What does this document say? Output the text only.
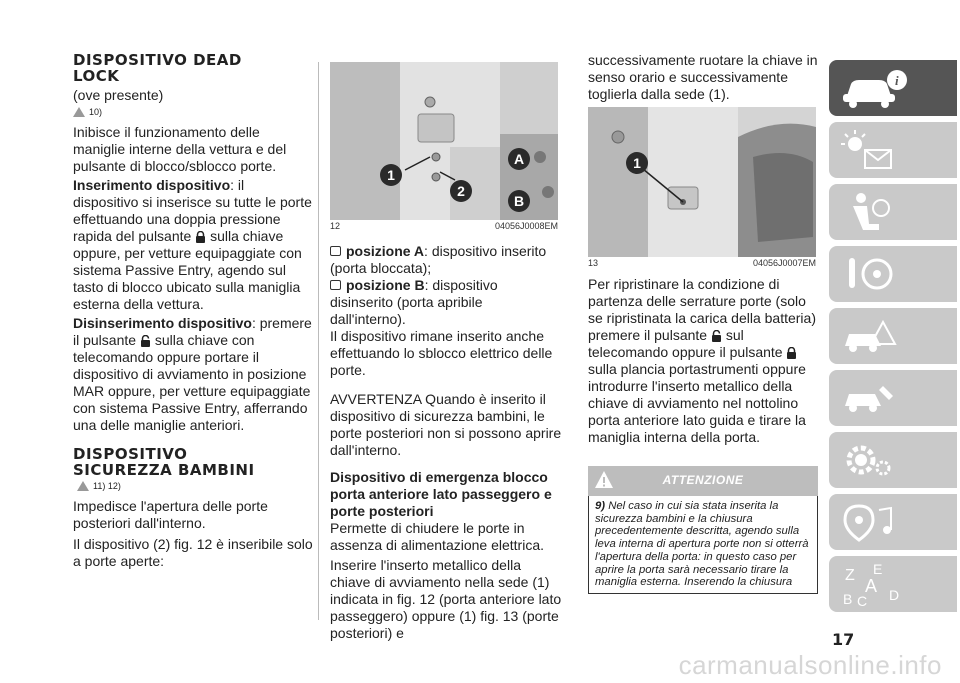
DISPOSITIVO DEAD
LOCK

(ove presente)

10)

Inibisce il funzionamento delle maniglie interne della vettura e del pulsante di blocco/sblocco porte.

Inserimento dispositivo: il dispositivo si inserisce su tutte le porte effettuando una doppia pressione rapida del pulsante sulla chiave oppure, per vetture equipaggiate con sistema Passive Entry, agendo sul tasto di blocco ubicato sulla maniglia esterna della vettura.

Disinserimento dispositivo: premere il pulsante sulla chiave con telecomando oppure portare il dispositivo di avviamento in posizione MAR oppure, per vetture equipaggiate con sistema Passive Entry, afferrando una delle maniglie anteriori.

DISPOSITIVO
SICUREZZA BAMBINI
11) 12)

Impedisce l'apertura delle porte posteriori dall'interno.

Il dispositivo (2) fig. 12 è inseribile solo a porte aperte:

1
2
A
B
12	04056J0008EM

posizione A: dispositivo inserito (porta bloccata);

posizione B: dispositivo disinserito (porta apribile dall'interno).

Il dispositivo rimane inserito anche effettuando lo sblocco elettrico delle porte.

AVVERTENZA Quando è inserito il dispositivo di sicurezza bambini, le porte posteriori non si possono aprire dall'interno.

Dispositivo di emergenza blocco porta anteriore lato passeggero e porte posteriori

Permette di chiudere le porte in assenza di alimentazione elettrica.

Inserire l'inserto metallico della chiave di avviamento nella sede (1) indicata in fig. 12 (porta anteriore lato passeggero) oppure (1) fig. 13 (porte posteriori) e

successivamente ruotare la chiave in senso orario e successivamente toglierla dalla sede (1).

1
13	04056J0007EM

Per ripristinare la condizione di partenza delle serrature porte (solo se ripristinata la carica della batteria) premere il pulsante sul telecomando oppure il pulsante  sulla plancia portastrumenti oppure introdurre l'inserto metallico della chiave di avviamento nel nottolino porta anteriore lato guida e tirare la maniglia interna della porta.

ATTENZIONE
9) Nel caso in cui sia stata inserita la sicurezza bambini e la chiusura precedentemente descritta, agendo sulla leva interna di apertura porte non si otterrà l'apertura della porta: in questo caso per aprire la porta sarà necessario tirare la maniglia esterna. Inserendo la chiusura
i
Z E
A
B C D
17
carmanualsonline.info
